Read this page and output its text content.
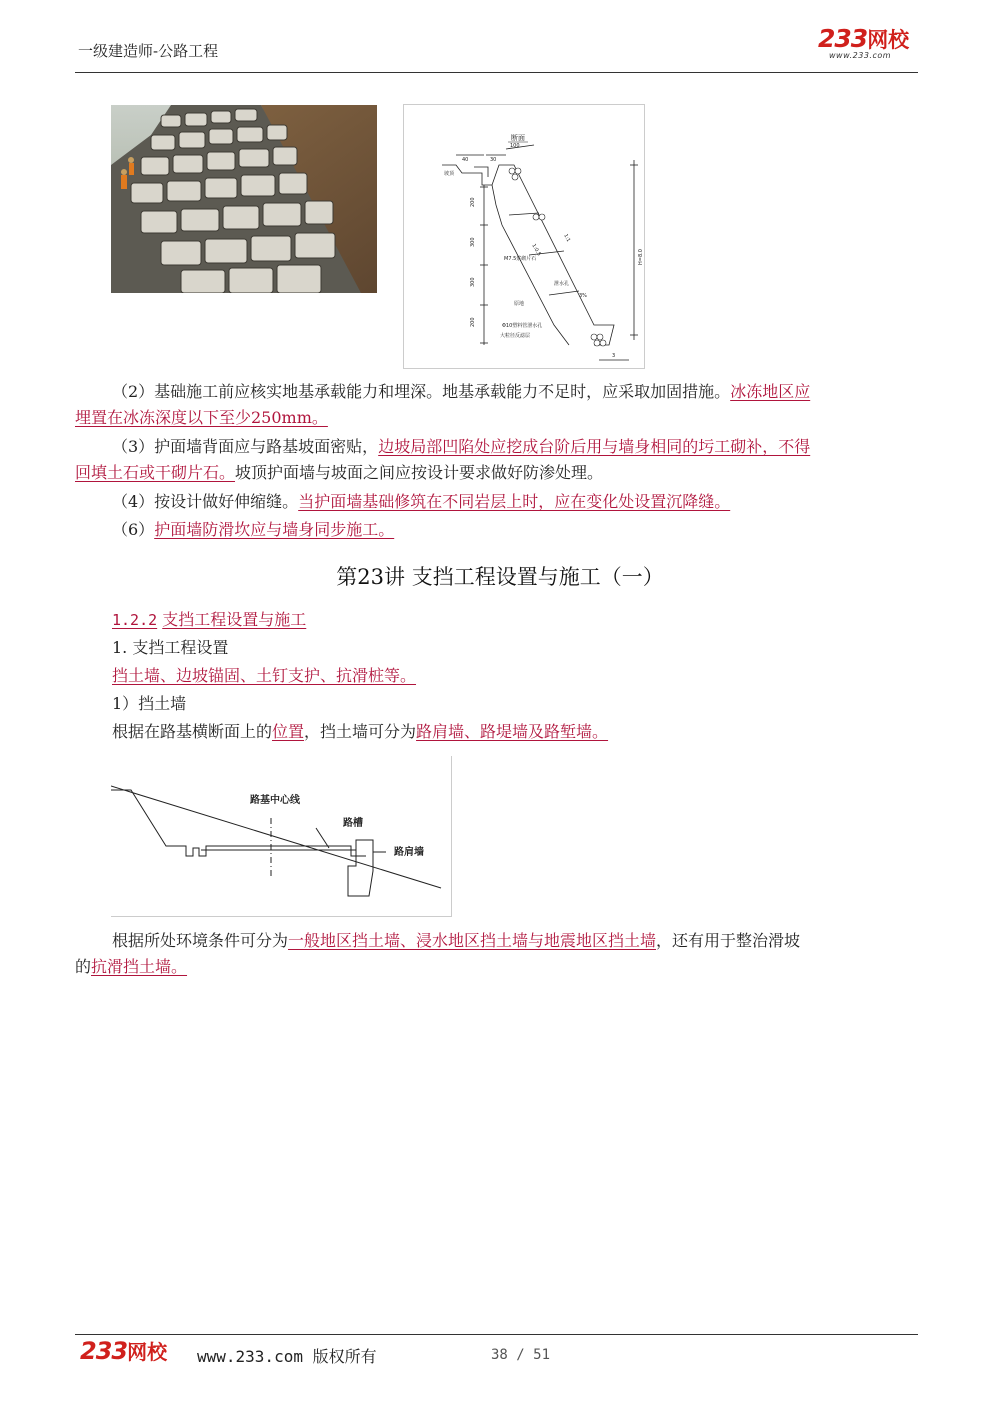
一级建造师-公路工程	233网校
www.233.com
断面
40	30
100
200
300
300
200
M7.5浆砌片石
1:0.5
1:1
原地
3%
Φ10塑料管泄水孔
大粒径反滤层
泄水孔
坡顶
H=8.0
3
（2）基础施工前应核实地基承载能力和埋深。地基承载能力不足时，应采取加固措施。冰冻地区应
埋置在冰冻深度以下至少250mm。
（3）护面墙背面应与路基坡面密贴，边坡局部凹陷处应挖成台阶后用与墙身相同的圬工砌补，不得
回填土石或干砌片石。坡顶护面墙与坡面之间应按设计要求做好防渗处理。
（4）按设计做好伸缩缝。当护面墙基础修筑在不同岩层上时，应在变化处设置沉降缝。
（6）护面墙防滑坎应与墙身同步施工。
第23讲 支挡工程设置与施工（一）
1.2.2 支挡工程设置与施工
1. 支挡工程设置
挡土墙、边坡锚固、土钉支护、抗滑桩等。
1）挡土墙
根据在路基横断面上的位置，挡土墙可分为路肩墙、路堤墙及路堑墙。
路基中心线
路槽
路肩墙
根据所处环境条件可分为一般地区挡土墙、浸水地区挡土墙与地震地区挡土墙，还有用于整治滑坡
的抗滑挡土墙。
233网校 www.233.com 版权所有	38 / 51
